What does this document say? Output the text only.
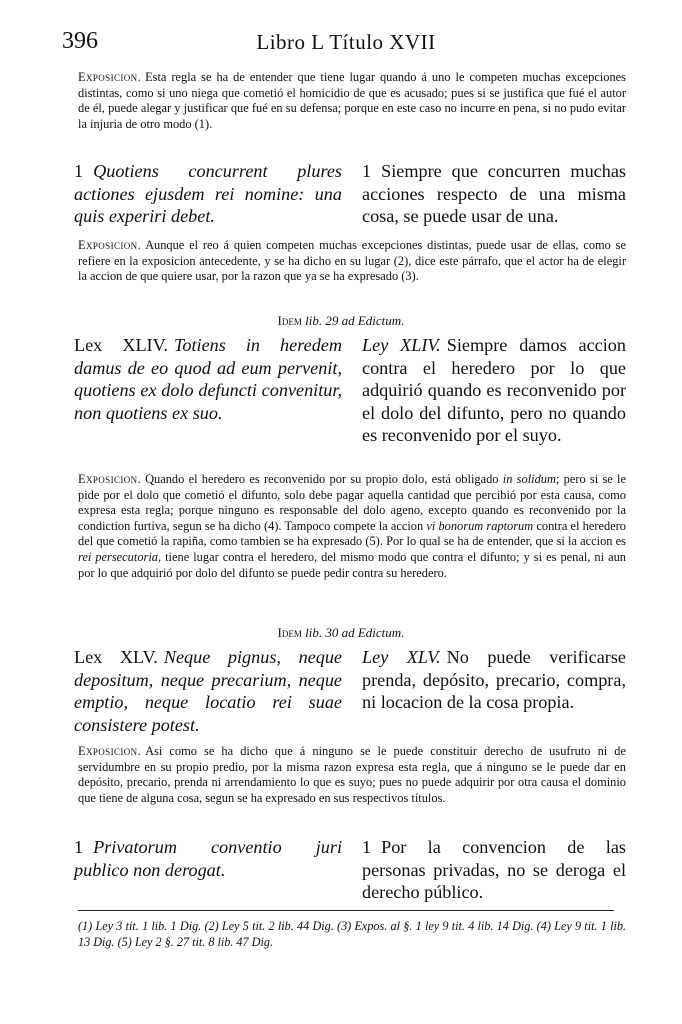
396	Libro L Título XVII
Exposicion. Esta regla se ha de entender que tiene lugar quando á uno le competen muchas excepciones distintas, como si uno niega que cometió el homicidio de que es acusado; pues si se justifica que fué el autor de él, puede alegar y justificar que fué en su defensa; porque en este caso no incurre en pena, si no pudo evitar la injuria de otro modo (1).
1 Quotiens concurrent plures actiones ejusdem rei nomine: una quis experiri debet.
1 Siempre que concurren muchas acciones respecto de una misma cosa, se puede usar de una.
Exposicion. Aunque el reo á quien competen muchas excepciones distintas, puede usar de ellas, como se refiere en la exposicion antecedente, y se ha dicho en su lugar (2), dice este párrafo, que el actor ha de elegir la accion de que quiere usar, por la razon que ya se ha expresado (3).
Idem lib. 29 ad Edictum.
Lex XLIV. Totiens in heredem damus de eo quod ad eum pervenit, quotiens ex dolo defuncti convenitur, non quotiens ex suo.
Ley XLIV. Siempre damos accion contra el heredero por lo que adquirió quando es reconvenido por el dolo del difunto, pero no quando es reconvenido por el suyo.
Exposicion. Quando el heredero es reconvenido por su propio dolo, está obligado in solidum; pero si se le pide por el dolo que cometió el difunto, solo debe pagar aquella cantidad que percibió por esta causa, como expresa esta regla; porque ninguno es responsable del dolo ageno, excepto quando es reconvenido por la condiction furtiva, segun se ha dicho (4). Tampoco compete la accion vi bonorum raptorum contra el heredero del que cometió la rapiña, como tambien se ha expresado (5). Por lo qual se ha de entender, que si la accion es rei persecutoria, tiene lugar contra el heredero, del mismo modo que contra el difunto; y si es penal, ni aun por lo que adquirió por dolo del difunto se puede pedir contra su heredero.
Idem lib. 30 ad Edictum.
Lex XLV. Neque pignus, neque depositum, neque precarium, neque emptio, neque locatio rei suae consistere potest.
Ley XLV. No puede verificarse prenda, depósito, precario, compra, ni locacion de la cosa propia.
Exposicion. Asi como se ha dicho que á ninguno se le puede constituir derecho de usufruto ni de servidumbre en su propio predio, por la misma razon expresa esta regla, que á ninguno se le puede dar en depósito, precario, prenda ni arrendamiento lo que es suyo; pues no puede adquirir por otra causa el dominio que tiene de alguna cosa, segun se ha expresado en sus respectivos títulos.
1 Privatorum conventio juri publico non derogat.
1 Por la convencion de las personas privadas, no se deroga el derecho público.
(1) Ley 3 tit. 1 lib. 1 Dig. (2) Ley 5 tit. 2 lib. 44 Dig. (3) Expos. al §. 1 ley 9 tit. 4 lib. 14 Dig. (4) Ley 9 tit. 1 lib. 13 Dig. (5) Ley 2 §. 27 tit. 8 lib. 47 Dig.
